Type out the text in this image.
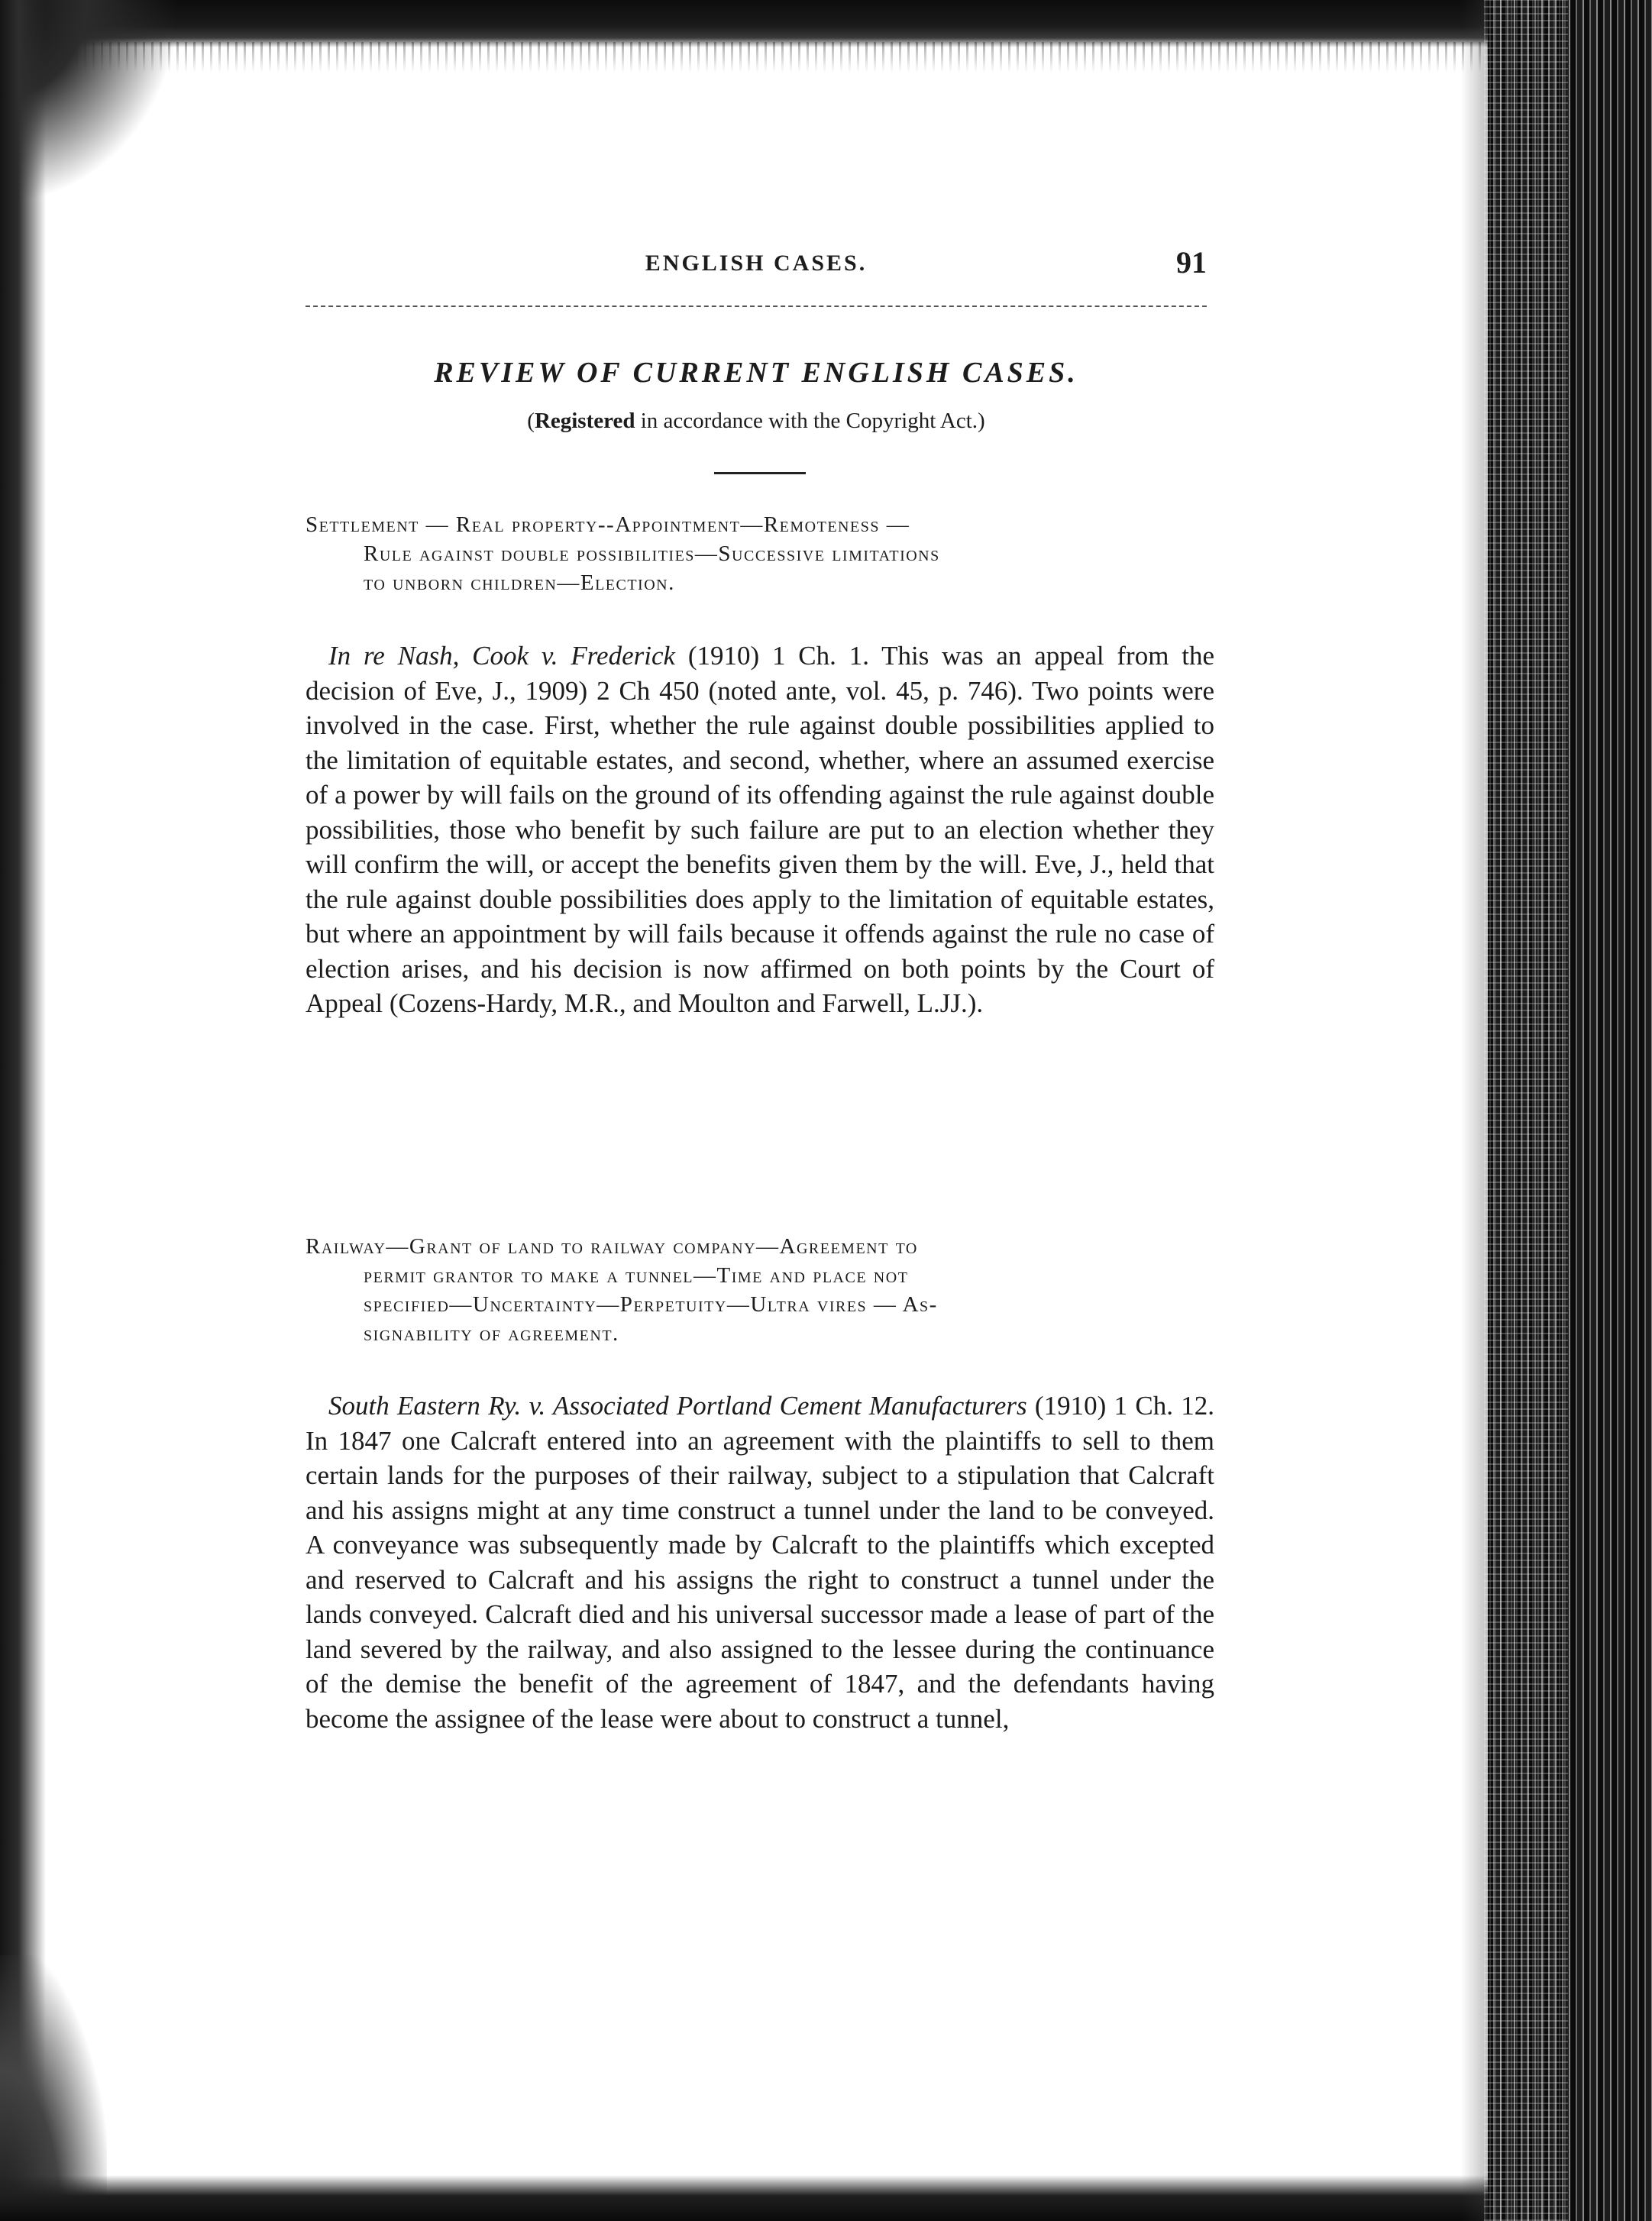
ENGLISH CASES.	91
REVIEW OF CURRENT ENGLISH CASES.
(Registered in accordance with the Copyright Act.)
Settlement — Real property--Appointment—Remoteness —
Rule against double possibilities—Successive limitations
to unborn children—Election.
In re Nash, Cook v. Frederick (1910) 1 Ch. 1. This was an appeal from the decision of Eve, J., 1909) 2 Ch 450 (noted ante, vol. 45, p. 746). Two points were involved in the case. First, whether the rule against double possibilities applied to the limitation of equitable estates, and second, whether, where an assumed exercise of a power by will fails on the ground of its offending against the rule against double possibilities, those who benefit by such failure are put to an election whether they will confirm the will, or accept the benefits given them by the will. Eve, J., held that the rule against double possibilities does apply to the limitation of equitable estates, but where an appointment by will fails because it offends against the rule no case of election arises, and his decision is now affirmed on both points by the Court of Appeal (Cozens-Hardy, M.R., and Moulton and Farwell, L.JJ.).
Railway—Grant of land to railway company—Agreement to
permit grantor to make a tunnel—Time and place not
specified—Uncertainty—Perpetuity—Ultra vires — As-
signability of agreement.
South Eastern Ry. v. Associated Portland Cement Manufacturers (1910) 1 Ch. 12. In 1847 one Calcraft entered into an agreement with the plaintiffs to sell to them certain lands for the purposes of their railway, subject to a stipulation that Calcraft and his assigns might at any time construct a tunnel under the land to be conveyed. A conveyance was subsequently made by Calcraft to the plaintiffs which excepted and reserved to Calcraft and his assigns the right to construct a tunnel under the lands conveyed. Calcraft died and his universal successor made a lease of part of the land severed by the railway, and also assigned to the lessee during the continuance of the demise the benefit of the agreement of 1847, and the defendants having become the assignee of the lease were about to construct a tunnel,
